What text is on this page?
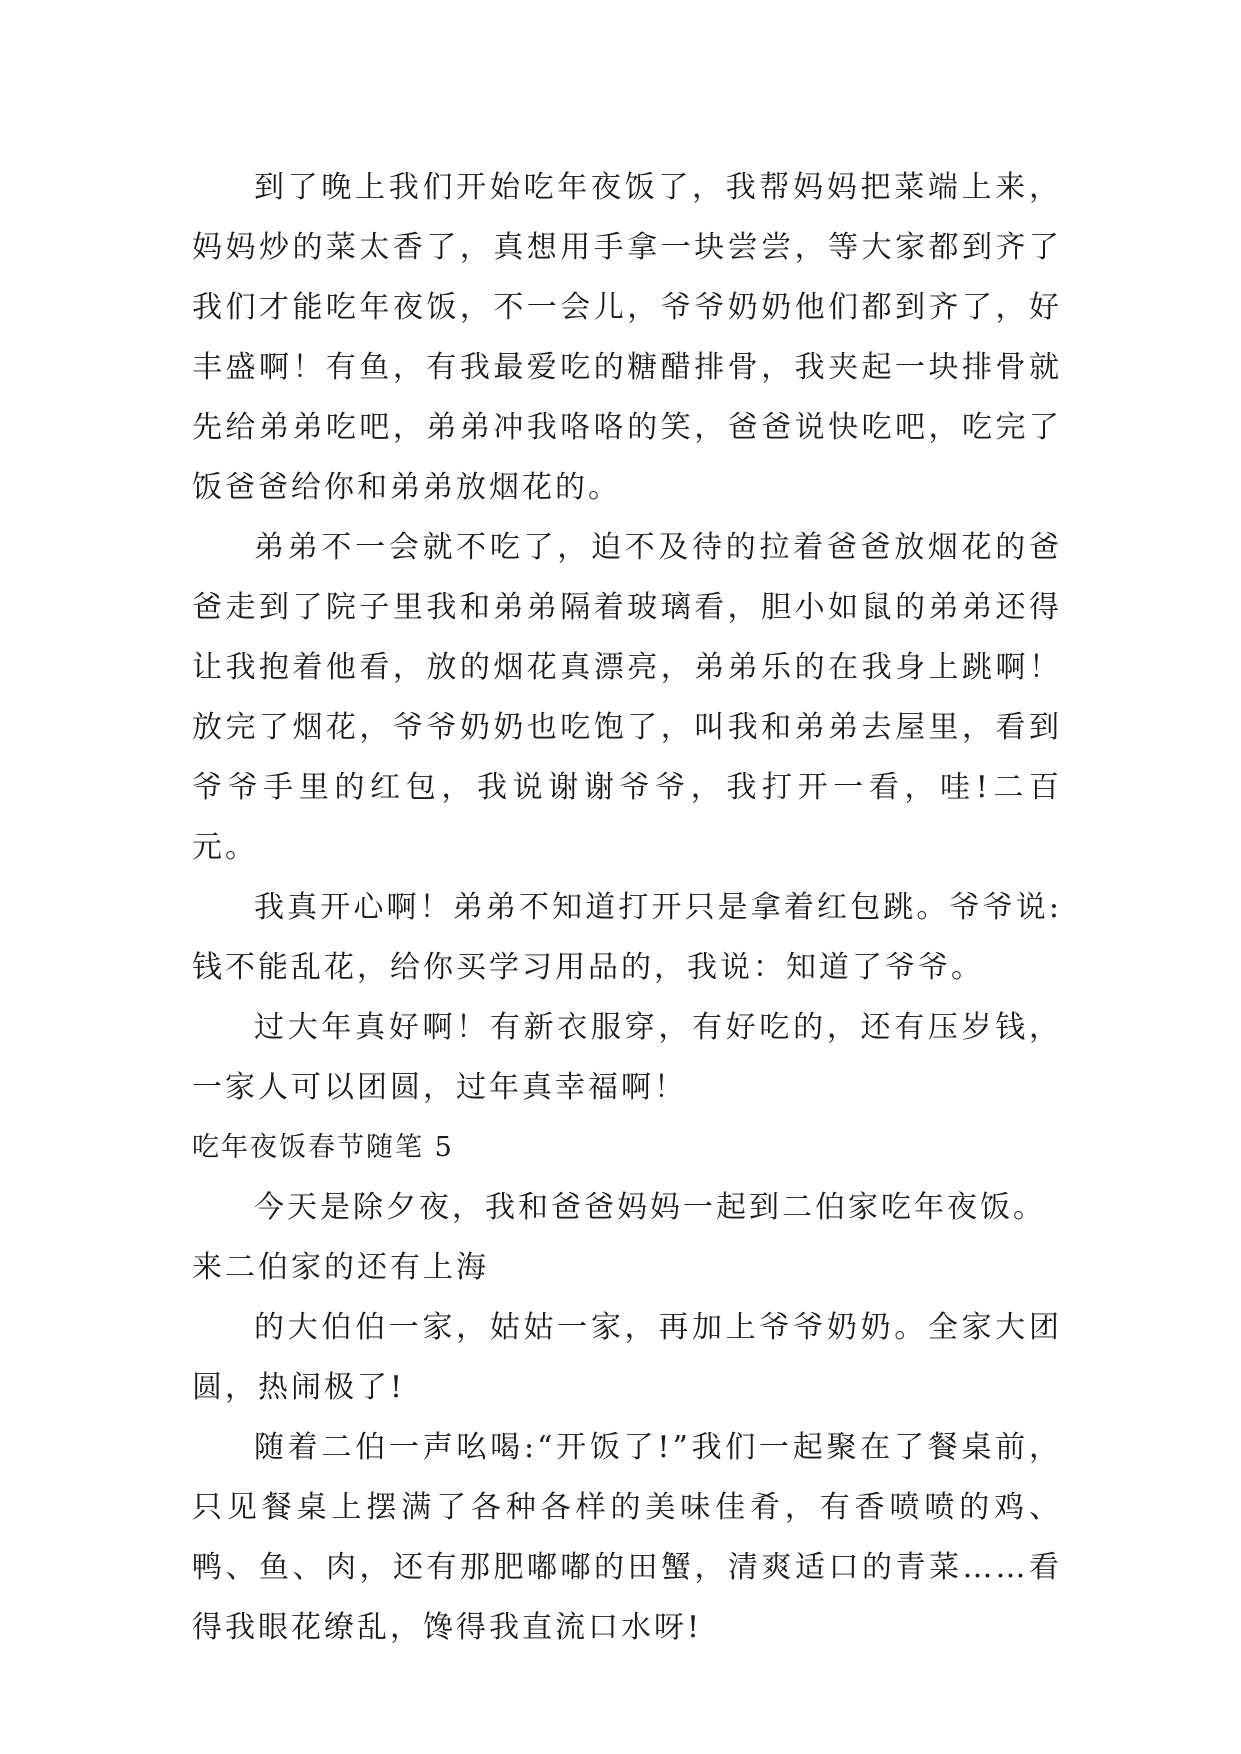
到了晚上我们开始吃年夜饭了，我帮妈妈把菜端上来，妈妈炒的菜太香了，真想用手拿一块尝尝，等大家都到齐了我们才能吃年夜饭，不一会儿，爷爷奶奶他们都到齐了，好丰盛啊！有鱼，有我最爱吃的糖醋排骨，我夹起一块排骨就先给弟弟吃吧，弟弟冲我咯咯的笑，爸爸说快吃吧，吃完了饭爸爸给你和弟弟放烟花的。

弟弟不一会就不吃了，迫不及待的拉着爸爸放烟花的爸爸走到了院子里我和弟弟隔着玻璃看，胆小如鼠的弟弟还得让我抱着他看，放的烟花真漂亮，弟弟乐的在我身上跳啊！放完了烟花，爷爷奶奶也吃饱了，叫我和弟弟去屋里，看到爷爷手里的红包，我说谢谢爷爷，我打开一看，哇!二百元。

我真开心啊！弟弟不知道打开只是拿着红包跳。爷爷说:钱不能乱花，给你买学习用品的，我说：知道了爷爷。

过大年真好啊！有新衣服穿，有好吃的，还有压岁钱，一家人可以团圆，过年真幸福啊！

吃年夜饭春节随笔 5

今天是除夕夜，我和爸爸妈妈一起到二伯家吃年夜饭。

来二伯家的还有上海

的大伯伯一家，姑姑一家，再加上爷爷奶奶。全家大团圆，热闹极了!

随着二伯一声吆喝:“开饭了!”我们一起聚在了餐桌前，只见餐桌上摆满了各种各样的美味佳肴，有香喷喷的鸡、鸭、鱼、肉，还有那肥嘟嘟的田蟹，清爽适口的青菜……看得我眼花缭乱，馋得我直流口水呀!
